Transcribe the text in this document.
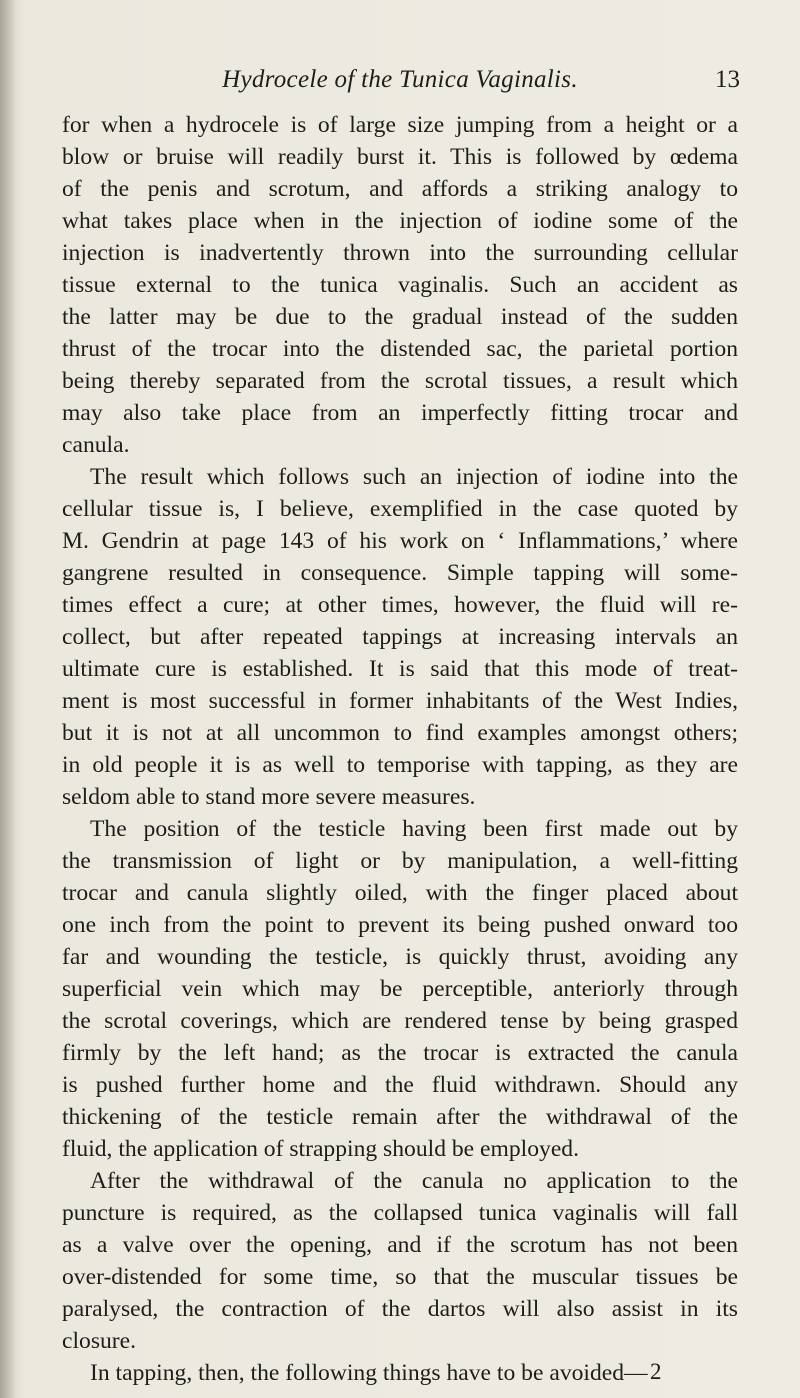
Hydrocele of the Tunica Vaginalis.	13
for when a hydrocele is of large size jumping from a height or a
blow or bruise will readily burst it. This is followed by œdema
of the penis and scrotum, and affords a striking analogy to
what takes place when in the injection of iodine some of the
injection is inadvertently thrown into the surrounding cellular
tissue external to the tunica vaginalis. Such an accident as
the latter may be due to the gradual instead of the sudden
thrust of the trocar into the distended sac, the parietal portion
being thereby separated from the scrotal tissues, a result which
may also take place from an imperfectly fitting trocar and
canula.
The result which follows such an injection of iodine into the
cellular tissue is, I believe, exemplified in the case quoted by
M. Gendrin at page 143 of his work on ‘ Inflammations,’ where
gangrene resulted in consequence. Simple tapping will some-
times effect a cure; at other times, however, the fluid will re-
collect, but after repeated tappings at increasing intervals an
ultimate cure is established. It is said that this mode of treat-
ment is most successful in former inhabitants of the West Indies,
but it is not at all uncommon to find examples amongst others;
in old people it is as well to temporise with tapping, as they are
seldom able to stand more severe measures.
The position of the testicle having been first made out by
the transmission of light or by manipulation, a well-fitting
trocar and canula slightly oiled, with the finger placed about
one inch from the point to prevent its being pushed onward too
far and wounding the testicle, is quickly thrust, avoiding any
superficial vein which may be perceptible, anteriorly through
the scrotal coverings, which are rendered tense by being grasped
firmly by the left hand; as the trocar is extracted the canula
is pushed further home and the fluid withdrawn. Should any
thickening of the testicle remain after the withdrawal of the
fluid, the application of strapping should be employed.
After the withdrawal of the canula no application to the
puncture is required, as the collapsed tunica vaginalis will fall
as a valve over the opening, and if the scrotum has not been
over-distended for some time, so that the muscular tissues be
paralysed, the contraction of the dartos will also assist in its
closure.
In tapping, then, the following things have to be avoided— 2
